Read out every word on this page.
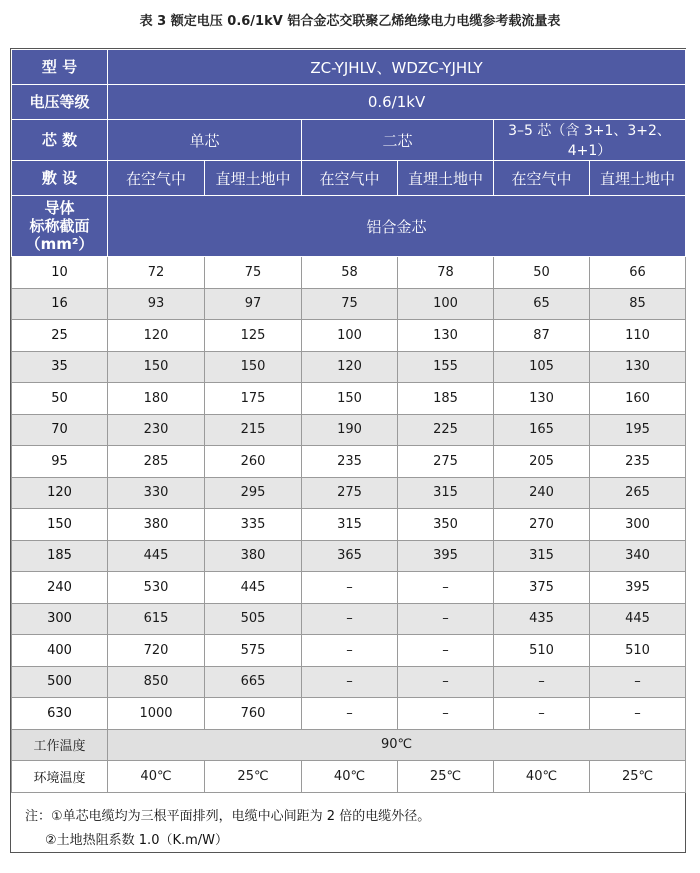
表 3 额定电压 0.6/1kV 铝合金芯交联聚乙烯绝缘电力电缆参考载流量表
型 号	ZC-YJHLV、WDZC-YJHLY					
电压等级	0.6/1kV					
芯 数	单芯		二芯		3–5 芯（含 3+1、3+2、4+1）	
敷 设	在空气中	直埋土地中	在空气中	直埋土地中	在空气中	直埋土地中
导体
标称截面
（mm²）	铝合金芯					
10	72	75	58	78	50	66
16	93	97	75	100	65	85
25	120	125	100	130	87	110
35	150	150	120	155	105	130
50	180	175	150	185	130	160
70	230	215	190	225	165	195
95	285	260	235	275	205	235
120	330	295	275	315	240	265
150	380	335	315	350	270	300
185	445	380	365	395	315	340
240	530	445	–	–	375	395
300	615	505	–	–	435	445
400	720	575	–	–	510	510
500	850	665	–	–	–	–
630	1000	760	–	–	–	–
工作温度	90℃					
环境温度	40℃	25℃	40℃	25℃	40℃	25℃
注：①单芯电缆均为三根平面排列，电缆中心间距为 2 倍的电缆外径。
②土地热阻系数 1.0（K.m/W）
